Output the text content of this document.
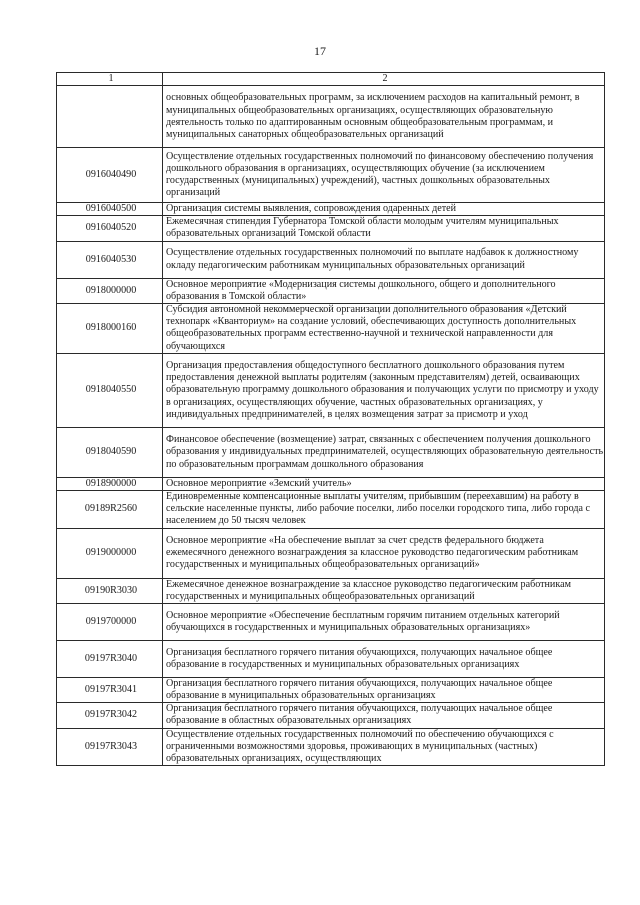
17
1	2
	основных общеобразовательных программ, за исключением расходов на капитальный ремонт, в муниципальных общеобразовательных организациях, осуществляющих образовательную деятельность только по адаптированным основным общеобразовательным программам, и муниципальных санаторных общеобразовательных организаций
0916040490	Осуществление отдельных государственных полномочий по финансовому обеспечению получения дошкольного образования в организациях, осуществляющих обучение (за исключением государственных (муниципальных) учреждений), частных дошкольных образовательных организаций
0916040500	Организация системы выявления, сопровождения одаренных детей
0916040520	Ежемесячная стипендия Губернатора Томской области молодым учителям муниципальных образовательных организаций Томской области
0916040530	Осуществление отдельных государственных полномочий по выплате надбавок к должностному окладу педагогическим работникам муниципальных образовательных организаций
0918000000	Основное мероприятие «Модернизация системы дошкольного, общего и дополнительного образования в Томской области»
0918000160	Субсидия автономной некоммерческой организации дополнительного образования «Детский технопарк «Кванториум» на создание условий, обеспечивающих доступность дополнительных общеобразовательных программ естественно-научной и технической направленности для обучающихся
0918040550	Организация предоставления общедоступного бесплатного дошкольного образования путем предоставления денежной выплаты родителям (законным представителям) детей, осваивающих образовательную программу дошкольного образования и получающих услуги по присмотру и уходу в организациях, осуществляющих обучение, частных образовательных организациях, у индивидуальных предпринимателей, в целях возмещения затрат за присмотр и уход
0918040590	Финансовое обеспечение (возмещение) затрат, связанных с обеспечением получения дошкольного образования у индивидуальных предпринимателей, осуществляющих образовательную деятельность по образовательным программам дошкольного образования
0918900000	Основное мероприятие «Земский учитель»
09189R2560	Единовременные компенсационные выплаты учителям, прибывшим (переехавшим) на работу в сельские населенные пункты, либо рабочие поселки, либо поселки городского типа, либо города с населением до 50 тысяч человек
0919000000	Основное мероприятие «На обеспечение выплат за счет средств федерального бюджета ежемесячного денежного вознаграждения за классное руководство педагогическим работникам государственных и муниципальных общеобразовательных организаций»
09190R3030	Ежемесячное денежное вознаграждение за классное руководство педагогическим работникам государственных и муниципальных общеобразовательных организаций
0919700000	Основное мероприятие «Обеспечение бесплатным горячим питанием отдельных категорий обучающихся в государственных и муниципальных образовательных организациях»
09197R3040	Организация бесплатного горячего питания обучающихся, получающих начальное общее образование в государственных и муниципальных образовательных организациях
09197R3041	Организация бесплатного горячего питания обучающихся, получающих начальное общее образование в муниципальных образовательных организациях
09197R3042	Организация бесплатного горячего питания обучающихся, получающих начальное общее образование в областных образовательных организациях
09197R3043	Осуществление отдельных государственных полномочий по обеспечению обучающихся с ограниченными возможностями здоровья, проживающих в муниципальных (частных) образовательных организациях, осуществляющих
